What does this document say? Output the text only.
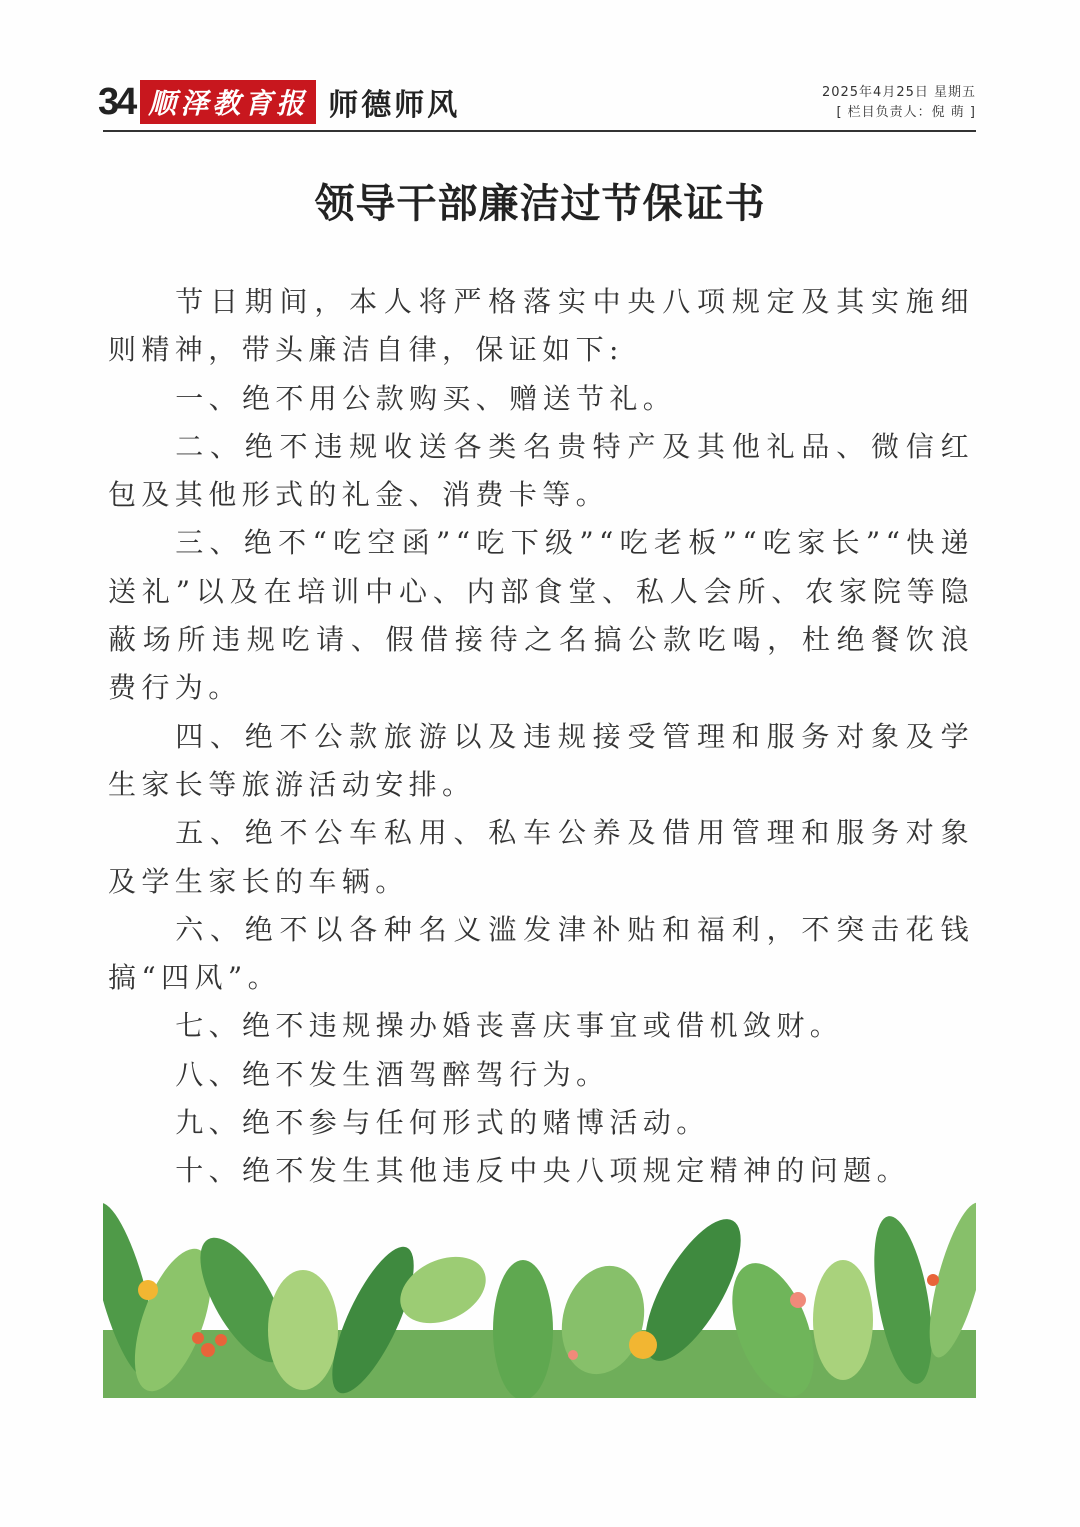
34 顺泽教育报 师德师风	2025年4月25日 星期五
[ 栏目负责人：倪 萌 ]
领导干部廉洁过节保证书

节日期间，本人将严格落实中央八项规定及其实施细则精神，带头廉洁自律，保证如下:

一、绝不用公款购买、赠送节礼。

二、绝不违规收送各类名贵特产及其他礼品、微信红包及其他形式的礼金、消费卡等。

三、绝不“吃空函”“吃下级”“吃老板”“吃家长”“快递送礼”以及在培训中心、内部食堂、私人会所、农家院等隐蔽场所违规吃请、假借接待之名搞公款吃喝，杜绝餐饮浪费行为。

四、绝不公款旅游以及违规接受管理和服务对象及学生家长等旅游活动安排。

五、绝不公车私用、私车公养及借用管理和服务对象及学生家长的车辆。

六、绝不以各种名义滥发津补贴和福利，不突击花钱搞“四风”。

七、绝不违规操办婚丧喜庆事宜或借机敛财。

八、绝不发生酒驾醉驾行为。

九、绝不参与任何形式的赌博活动。

十、绝不发生其他违反中央八项规定精神的问题。
